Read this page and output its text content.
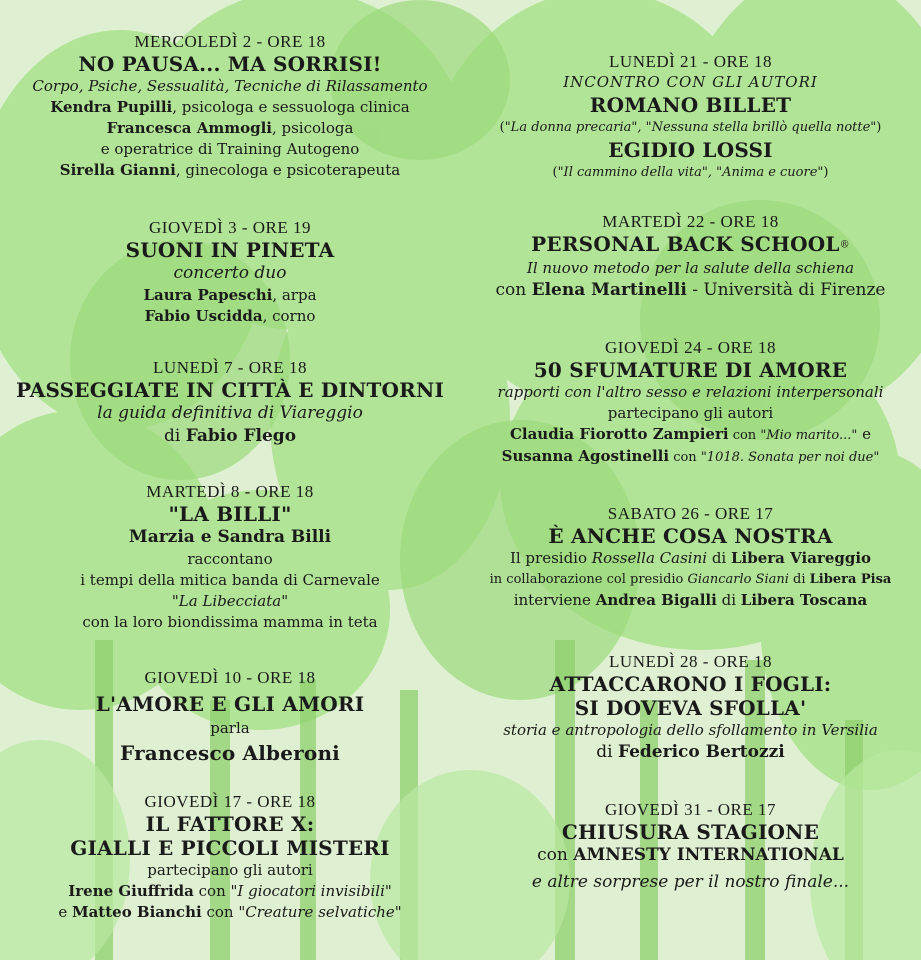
MERCOLEDÌ 2 - ORE 18

NO PAUSA... MA SORRISI!

Corpo, Psiche, Sessualità, Tecniche di Rilassamento

Kendra Pupilli, psicologa e sessuologa clinica

Francesca Ammogli, psicologa

e operatrice di Training Autogeno

Sirella Gianni, ginecologa e psicoterapeuta

GIOVEDÌ 3 - ORE 19

SUONI IN PINETA

concerto duo

Laura Papeschi, arpa

Fabio Uscidda, corno

LUNEDÌ 7 - ORE 18

PASSEGGIATE IN CITTÀ E DINTORNI

la guida definitiva di Viareggio

di Fabio Flego

MARTEDÌ 8 - ORE 18

"LA BILLI"

Marzia e Sandra Billi

raccontano

i tempi della mitica banda di Carnevale

"La Libecciata"

con la loro biondissima mamma in teta

GIOVEDÌ 10 - ORE 18

L'AMORE E GLI AMORI

parla

Francesco Alberoni

GIOVEDÌ 17 - ORE 18

IL FATTORE X:

GIALLI E PICCOLI MISTERI

partecipano gli autori

Irene Giuffrida con "I giocatori invisibili"

e Matteo Bianchi con "Creature selvatiche"

LUNEDÌ 21 - ORE 18

INCONTRO CON GLI AUTORI

ROMANO BILLET

("La donna precaria", "Nessuna stella brillò quella notte")

EGIDIO LOSSI

("Il cammino della vita", "Anima e cuore")

MARTEDÌ 22 - ORE 18

PERSONAL BACK SCHOOL®

Il nuovo metodo per la salute della schiena

con Elena Martinelli - Università di Firenze

GIOVEDÌ 24 - ORE 18

50 SFUMATURE DI AMORE

rapporti con l'altro sesso e relazioni interpersonali

partecipano gli autori

Claudia Fiorotto Zampieri con "Mio marito..." e

Susanna Agostinelli con "1018. Sonata per noi due"

SABATO 26 - ORE 17

È ANCHE COSA NOSTRA

Il presidio Rossella Casini di Libera Viareggio

in collaborazione col presidio Giancarlo Siani di Libera Pisa

interviene Andrea Bigalli di Libera Toscana

LUNEDÌ 28 - ORE 18

ATTACCARONO I FOGLI:

SI DOVEVA SFOLLA'

storia e antropologia dello sfollamento in Versilia

di Federico Bertozzi

GIOVEDÌ 31 - ORE 17

CHIUSURA STAGIONE

con AMNESTY INTERNATIONAL

e altre sorprese per il nostro finale...
